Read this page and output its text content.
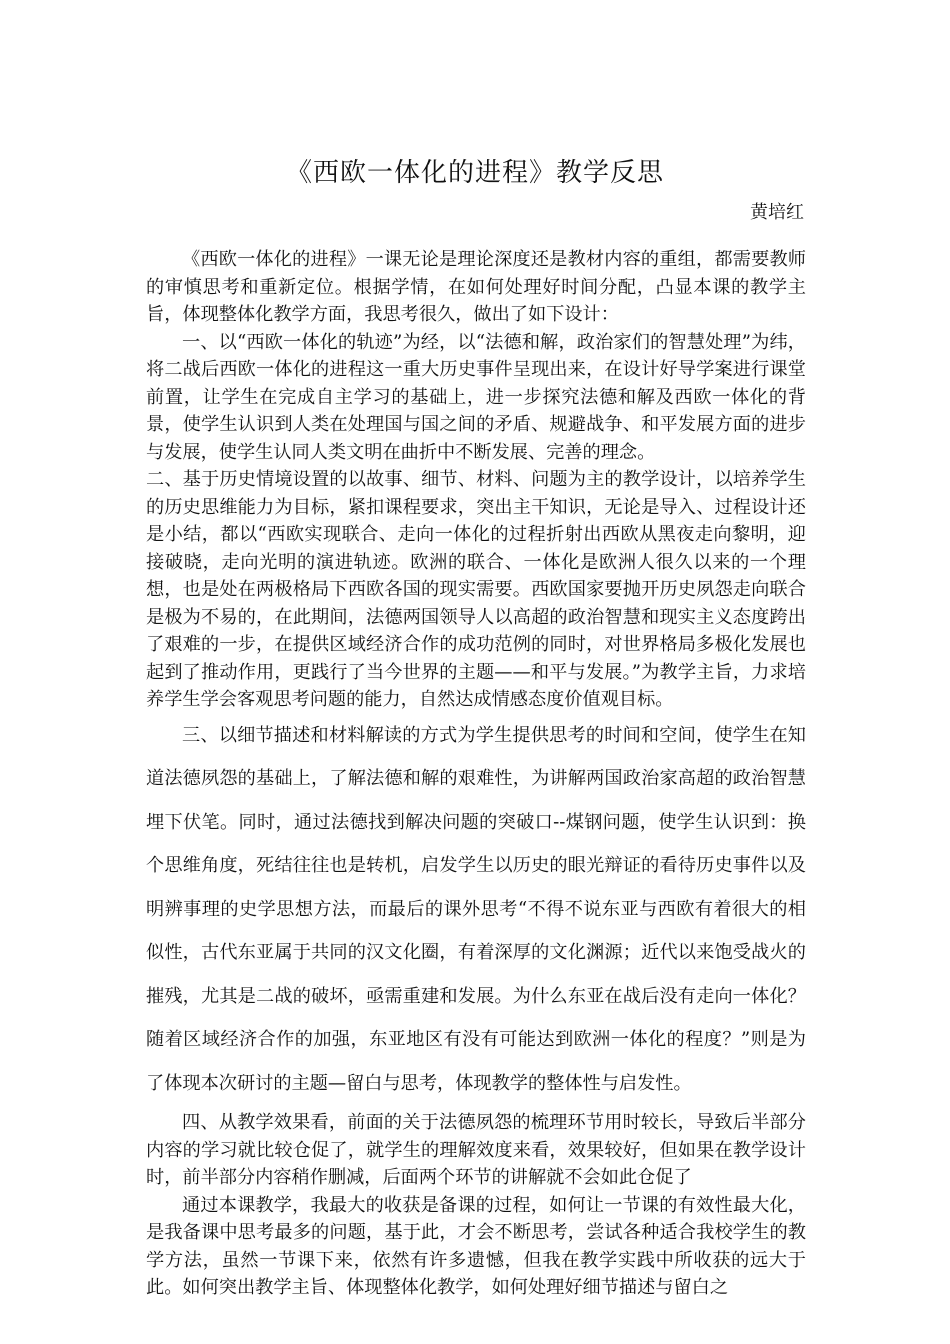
《西欧一体化的进程》教学反思
黄培红

《西欧一体化的进程》一课无论是理论深度还是教材内容的重组，都需要教师的审慎思考和重新定位。根据学情，在如何处理好时间分配，凸显本课的教学主旨，体现整体化教学方面，我思考很久，做出了如下设计：

一、以“西欧一体化的轨迹”为经，以“法德和解，政治家们的智慧处理”为纬，将二战后西欧一体化的进程这一重大历史事件呈现出来，在设计好导学案进行课堂前置，让学生在完成自主学习的基础上，进一步探究法德和解及西欧一体化的背景，使学生认识到人类在处理国与国之间的矛盾、规避战争、和平发展方面的进步与发展，使学生认同人类文明在曲折中不断发展、完善的理念。

二、基于历史情境设置的以故事、细节、材料、问题为主的教学设计，以培养学生的历史思维能力为目标，紧扣课程要求，突出主干知识，无论是导入、过程设计还是小结，都以“西欧实现联合、走向一体化的过程折射出西欧从黑夜走向黎明，迎接破晓，走向光明的演进轨迹。欧洲的联合、一体化是欧洲人很久以来的一个理想，也是处在两极格局下西欧各国的现实需要。西欧国家要抛开历史夙怨走向联合是极为不易的，在此期间，法德两国领导人以高超的政治智慧和现实主义态度跨出了艰难的一步，在提供区域经济合作的成功范例的同时，对世界格局多极化发展也起到了推动作用，更践行了当今世界的主题——和平与发展。”为教学主旨，力求培养学生学会客观思考问题的能力，自然达成情感态度价值观目标。

三、以细节描述和材料解读的方式为学生提供思考的时间和空间，使学生在知道法德夙怨的基础上，了解法德和解的艰难性，为讲解两国政治家高超的政治智慧埋下伏笔。同时，通过法德找到解决问题的突破口--煤钢问题，使学生认识到：换个思维角度，死结往往也是转机，启发学生以历史的眼光辩证的看待历史事件以及明辨事理的史学思想方法，而最后的课外思考“不得不说东亚与西欧有着很大的相似性，古代东亚属于共同的汉文化圈，有着深厚的文化渊源；近代以来饱受战火的摧残，尤其是二战的破坏，亟需重建和发展。为什么东亚在战后没有走向一体化？随着区域经济合作的加强，东亚地区有没有可能达到欧洲一体化的程度？”则是为了体现本次研讨的主题—留白与思考，体现教学的整体性与启发性。

四、从教学效果看，前面的关于法德夙怨的梳理环节用时较长，导致后半部分内容的学习就比较仓促了，就学生的理解效度来看，效果较好，但如果在教学设计时，前半部分内容稍作删减，后面两个环节的讲解就不会如此仓促了

通过本课教学，我最大的收获是备课的过程，如何让一节课的有效性最大化，是我备课中思考最多的问题，基于此，才会不断思考，尝试各种适合我校学生的教学方法，虽然一节课下来，依然有许多遗憾，但我在教学实践中所收获的远大于此。如何突出教学主旨、体现整体化教学，如何处理好细节描述与留白之
